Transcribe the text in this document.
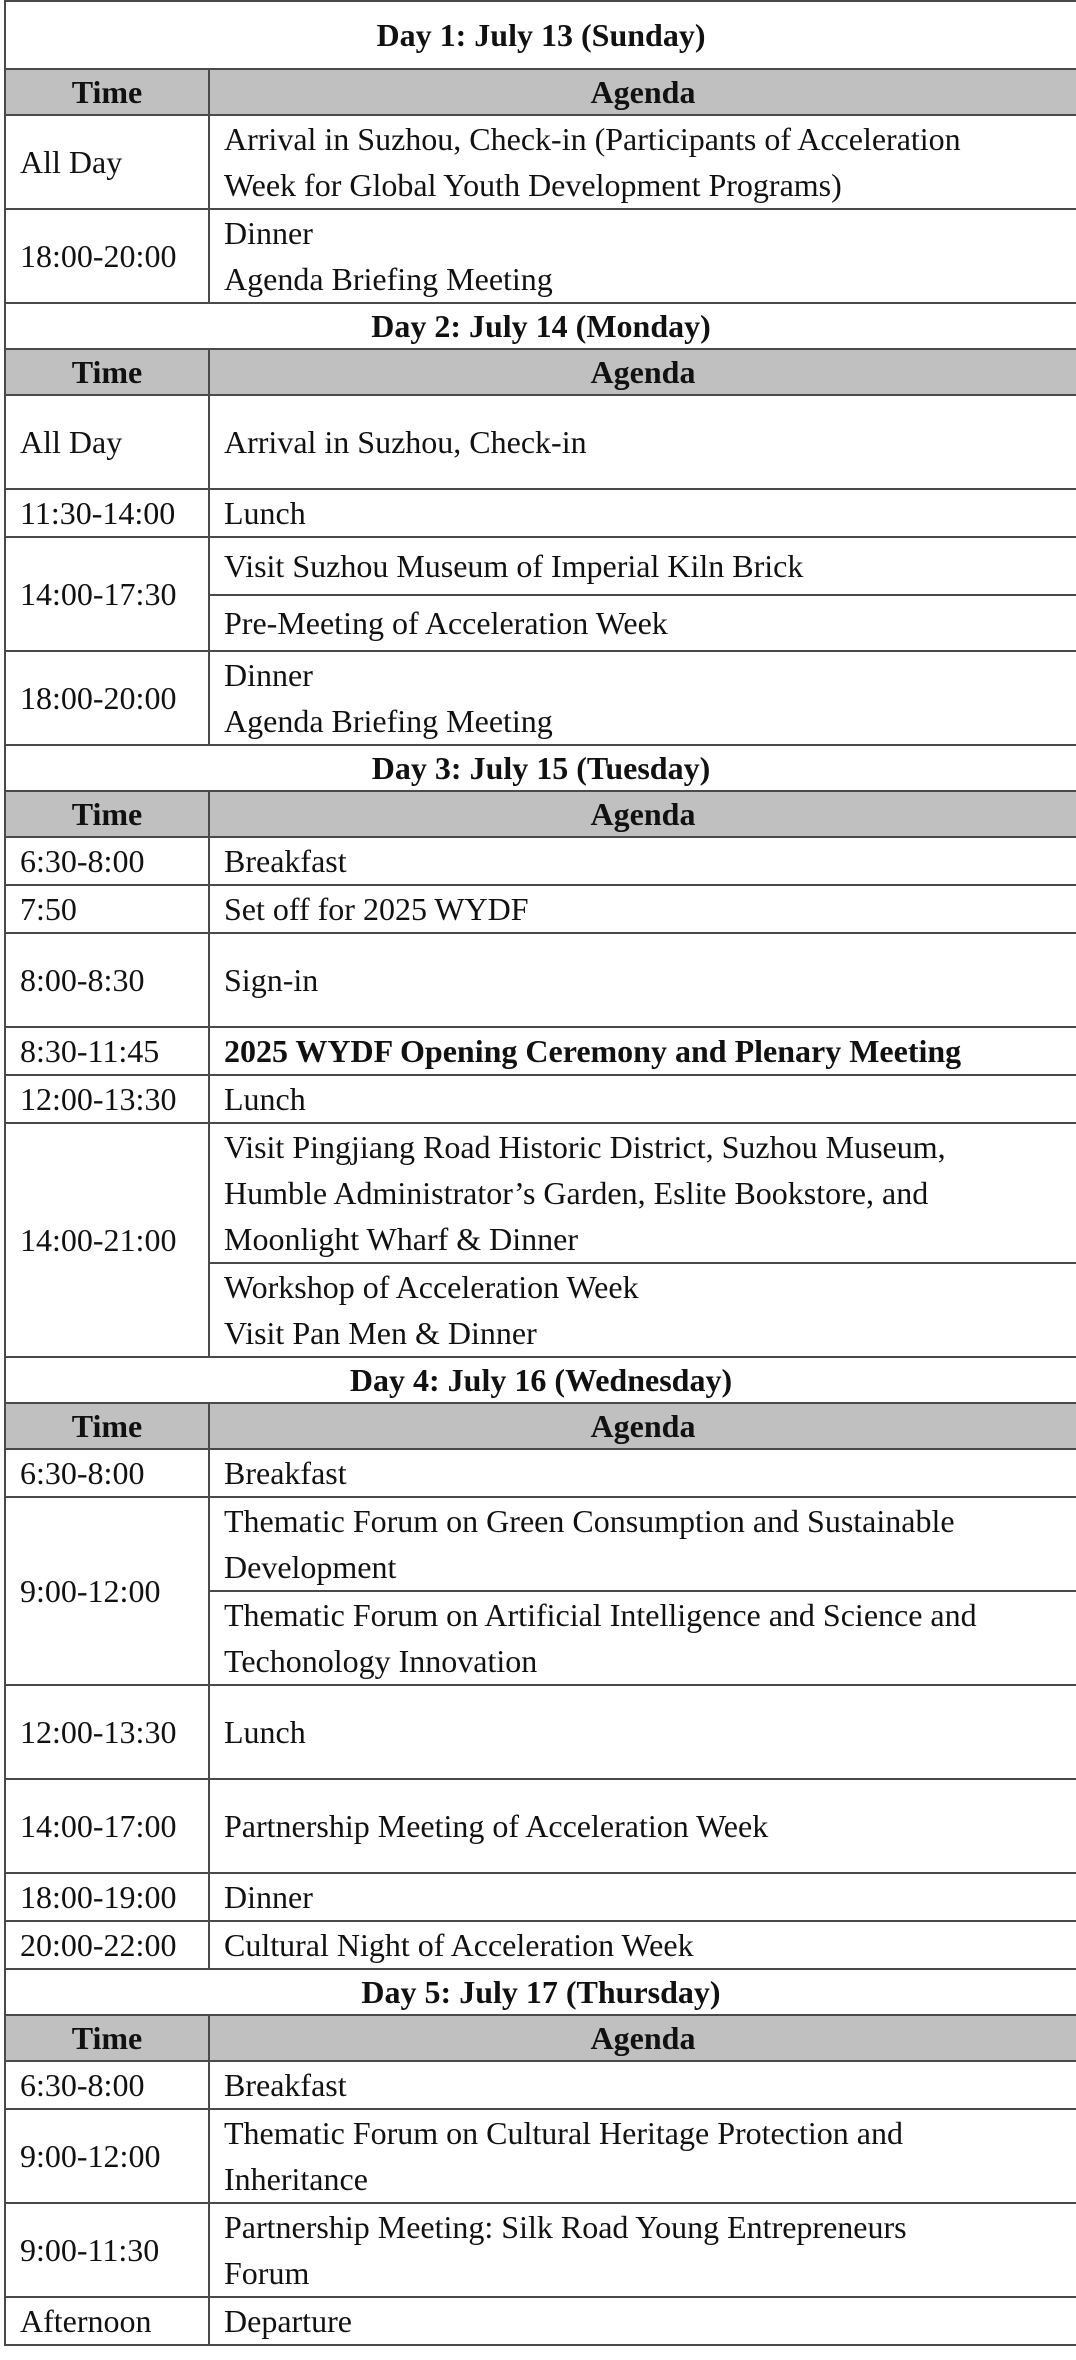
Day 1: July 13 (Sunday)	
Time	Agenda
All Day	Arrival in Suzhou, Check-in (Participants of Acceleration
Week for Global Youth Development Programs)

18:00-20:00	Dinner
Agenda Briefing Meeting

Day 2: July 14 (Monday)	
Time	Agenda
All Day	Arrival in Suzhou, Check-in
11:30-14:00	Lunch
14:00-17:30	Visit Suzhou Museum of Imperial Kiln Brick
	Pre-Meeting of Acceleration Week
18:00-20:00	Dinner
Agenda Briefing Meeting

Day 3: July 15 (Tuesday)	
Time	Agenda
6:30-8:00	Breakfast
7:50	Set off for 2025 WYDF
8:00-8:30	Sign-in
8:30-11:45	2025 WYDF Opening Ceremony and Plenary Meeting
12:00-13:30	Lunch
14:00-21:00	Visit Pingjiang Road Historic District, Suzhou Museum,
Humble Administrator’s Garden, Eslite Bookstore, and
Moonlight Wharf & Dinner

	Workshop of Acceleration Week
Visit Pan Men & Dinner

Day 4: July 16 (Wednesday)	
Time	Agenda
6:30-8:00	Breakfast
9:00-12:00	Thematic Forum on Green Consumption and Sustainable
Development

	Thematic Forum on Artificial Intelligence and Science and
Techonology Innovation

12:00-13:30	Lunch
14:00-17:00	Partnership Meeting of Acceleration Week
18:00-19:00	Dinner
20:00-22:00	Cultural Night of Acceleration Week
Day 5: July 17 (Thursday)	
Time	Agenda
6:30-8:00	Breakfast
9:00-12:00	Thematic Forum on Cultural Heritage Protection and
Inheritance

9:00-11:30	Partnership Meeting: Silk Road Young Entrepreneurs
Forum

Afternoon	Departure
